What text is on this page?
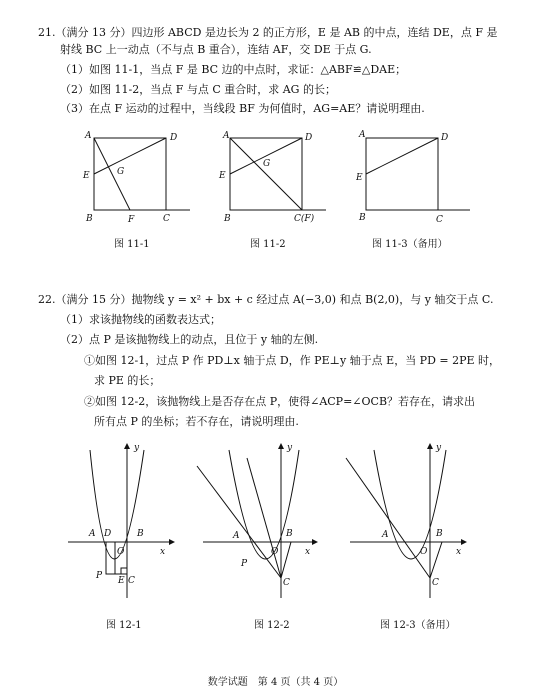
21.（满分 13 分）四边形 ABCD 是边长为 2 的正方形，E 是 AB 的中点，连结 DE，点 F 是
射线 BC 上一动点（不与点 B 重合），连结 AF，交 DE 于点 G.
（1）如图 11-1，当点 F 是 BC 边的中点时，求证：△ABF≌△DAE；
（2）如图 11-2，当点 F 与点 C 重合时，求 AG 的长；
（3）在点 F 运动的过程中，当线段 BF 为何值时，AG=AE？请说明理由.
A	D
E	G
B	F	C
图 11-1
A	D
E
G
B	C(F)
图 11-2
A	D
E
B	C
图 11-3（备用）
22.（满分 15 分）抛物线 y = x² + bx + c 经过点 A(−3,0) 和点 B(2,0)，与 y 轴交于点 C.
（1）求该抛物线的函数表达式；
（2）点 P 是该抛物线上的动点，且位于 y 轴的左侧.
①如图 12-1，过点 P 作 PD⊥x 轴于点 D，作 PE⊥y 轴于点 E，当 PD = 2PE 时，
求 PE 的长；
②如图 12-2，该抛物线上是否存在点 P，使得∠ACP=∠OCB？若存在，请求出
所有点 P 的坐标；若不存在，请说明理由.
y
x
A D
O
B
P E C
图 12-1
y
x
A
O
B
P
C
图 12-2
y
x
A
O
B
C
图 12-3（备用）
数学试题　第 4 页（共 4 页）
